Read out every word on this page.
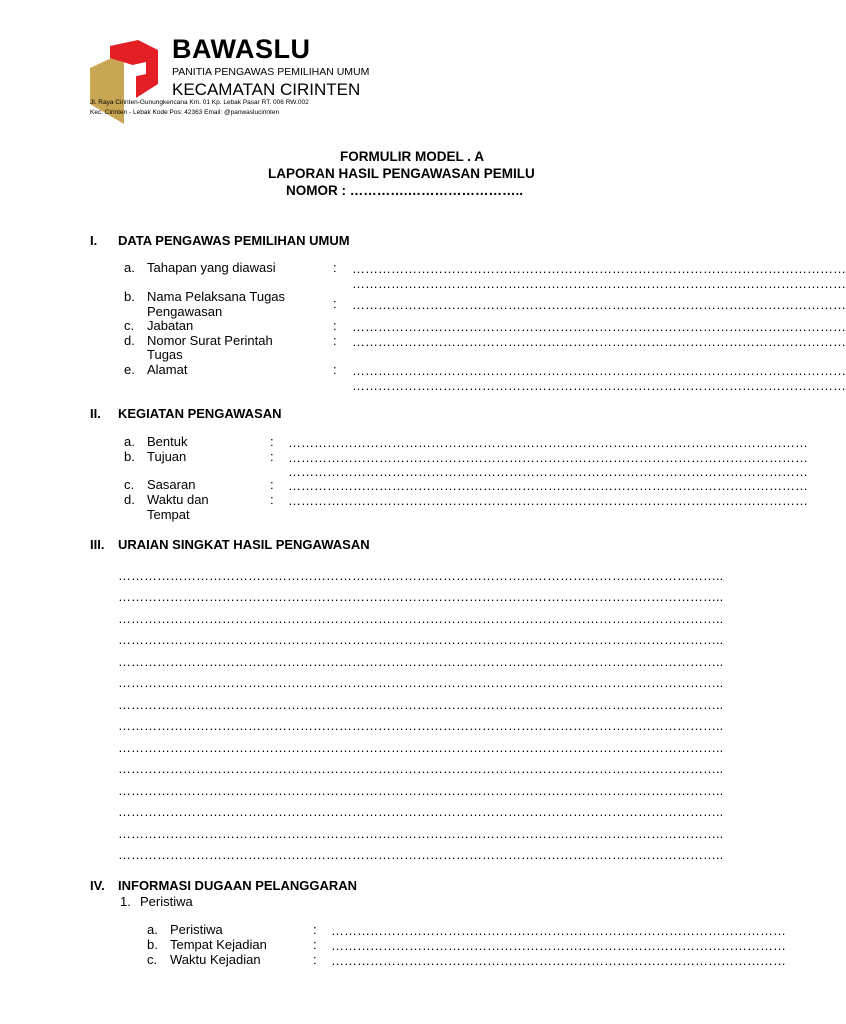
BAWASLU
PANITIA PENGAWAS PEMILIHAN UMUM
KECAMATAN CIRINTEN
Jl. Raya Cirinten-Gunungkencana Km. 01 Kp. Lebak Pasar RT. 006 RW.002
Kec. Cirinten - Lebak Kode Pos: 42363 Email: @panwaslucirinten
FORMULIR MODEL . A
LAPORAN HASIL PENGAWASAN PEMILU
NOMOR : ………….……………………..
I. DATA PENGAWAS PEMILIHAN UMUM
a. Tahapan yang diawasi	: ……………………………………………………………………………………………………
……………………………………………………………………………………………………
b. Nama Pelaksana Tugas
Pengawasan
: ……………………………………………………………………………………………………
c. Jabatan	: ……………………………………………………………………………………………………
d. Nomor Surat Perintah
Tugas
: ……………………………………………………………………………………………………
e. Alamat	: ……………………………………………………………………………………………………
……………………………………………………………………………………………………
II. KEGIATAN PENGAWASAN
a. Bentuk	: …………………………………………………………………………………………………………
b. Tujuan	: …………………………………………………………………………………………………………
…………………………………………………………………………………………………………
c. Sasaran	: …………………………………………………………………………………………………………
d. Waktu dan
Tempat
: …………………………………………………………………………………………………………
III. URAIAN SINGKAT HASIL PENGAWASAN
…………………………………………………………………………………………………………………………..
…………………………………………………………………………………………………………………………..
…………………………………………………………………………………………………………………………..
…………………………………………………………………………………………………………………………..
…………………………………………………………………………………………………………………………..
…………………………………………………………………………………………………………………………..
…………………………………………………………………………………………………………………………..
…………………………………………………………………………………………………………………………..
…………………………………………………………………………………………………………………………..
…………………………………………………………………………………………………………………………..
…………………………………………………………………………………………………………………………..
…………………………………………………………………………………………………………………………..
…………………………………………………………………………………………………………………………..
…………………………………………………………………………………………………………………………..
IV. INFORMASI DUGAAN PELANGGARAN
1. Peristiwa
a. Peristiwa	: ……………………………………………………………………………………………
b. Tempat Kejadian	: ……………………………………………………………………………………………
c. Waktu Kejadian	: ……………………………………………………………………………………………
